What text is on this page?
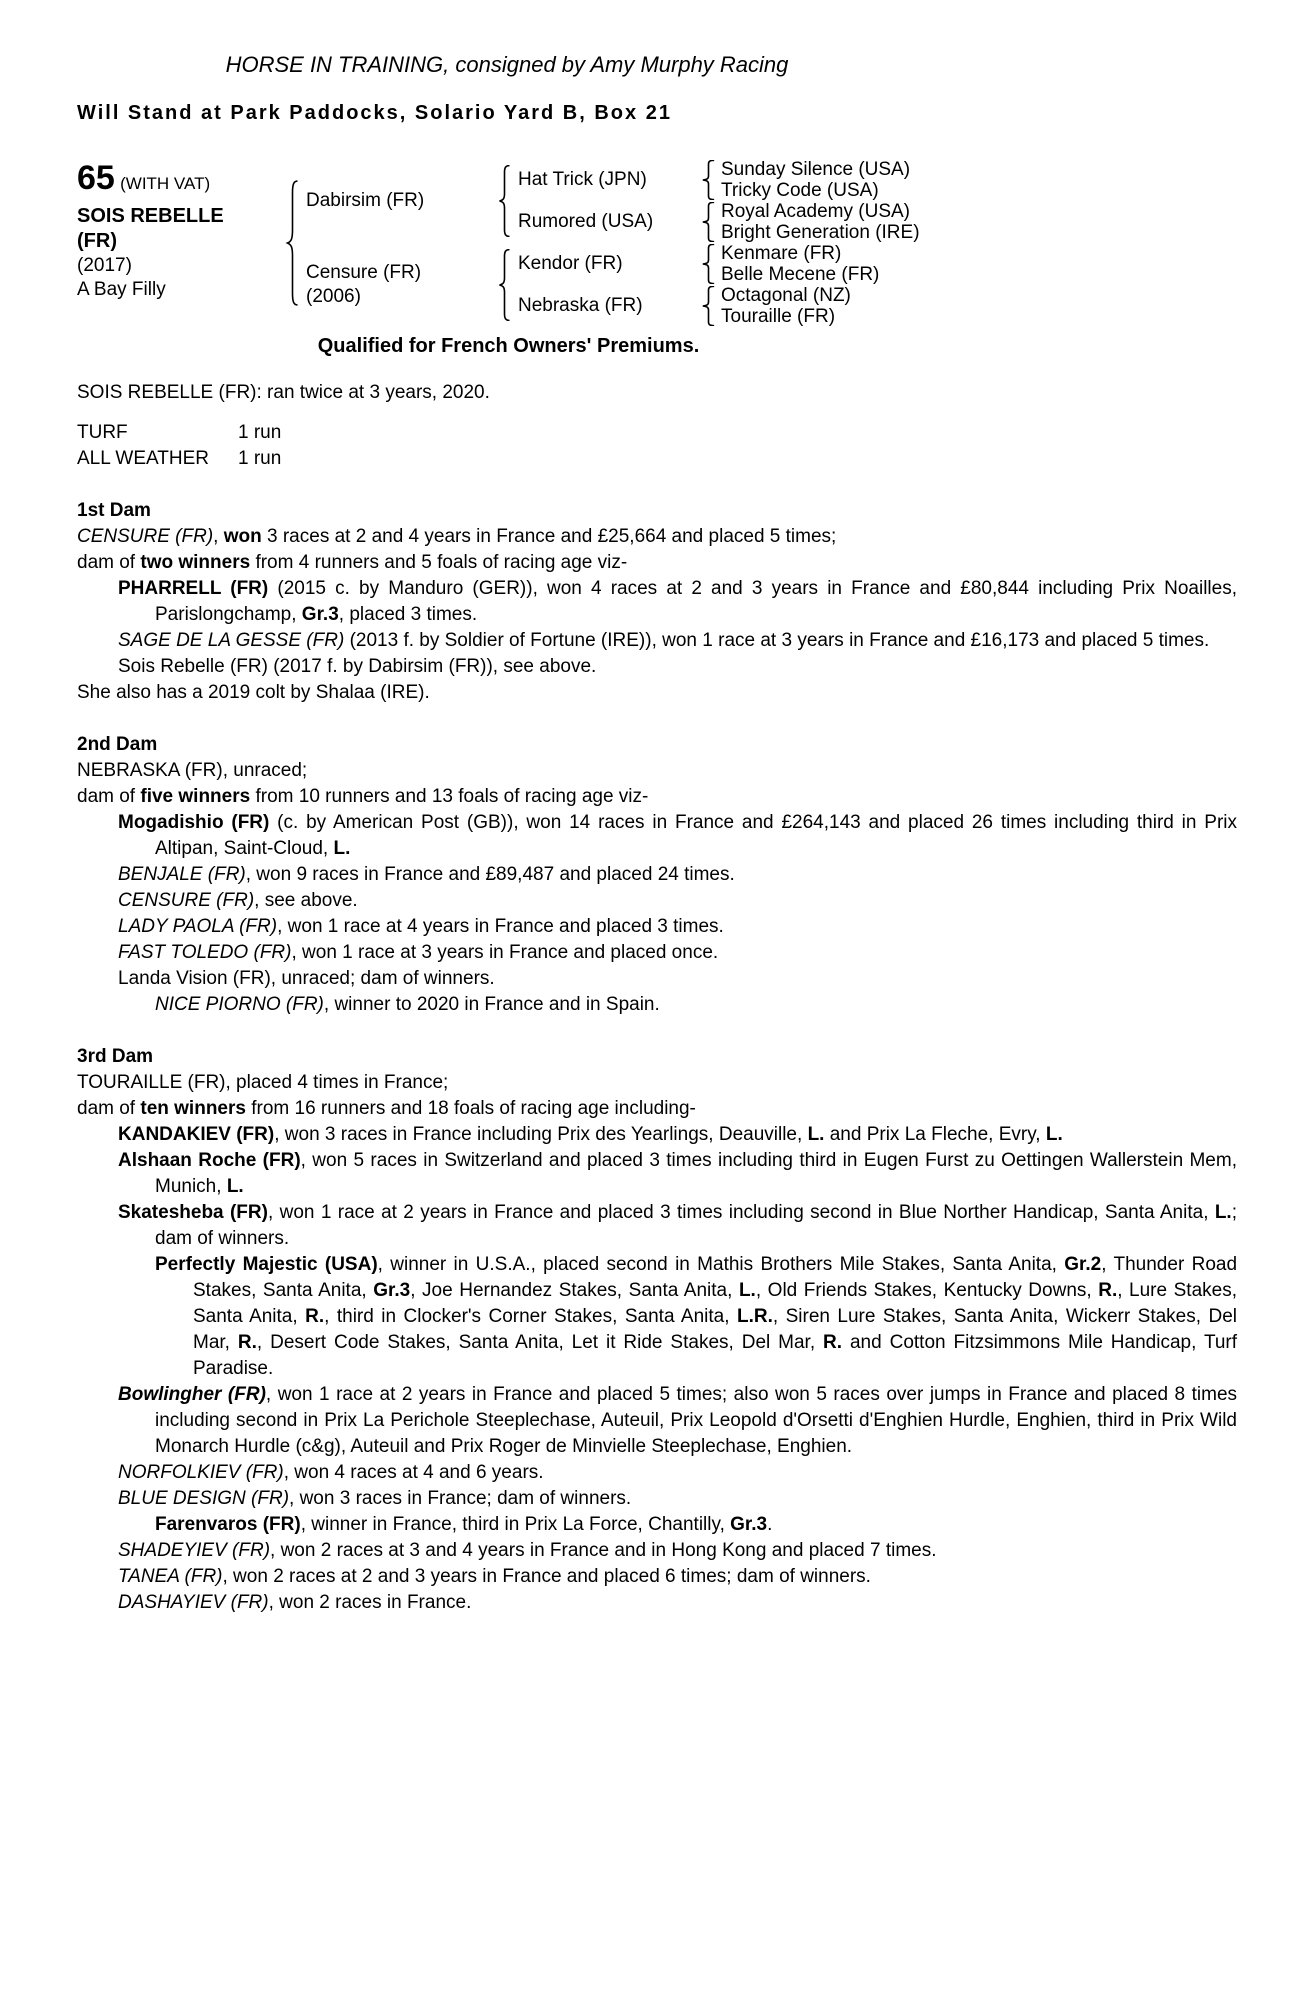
HORSE IN TRAINING, consigned by Amy Murphy Racing
Will Stand at Park Paddocks, Solario Yard B, Box 21
65 (WITH VAT)
SOIS REBELLE
(FR)
(2017)
A Bay Filly
Dabirsim (FR)
Censure (FR)
(2006)
Hat Trick (JPN)
Rumored (USA)
Kendor (FR)
Nebraska (FR)
Sunday Silence (USA)
Tricky Code (USA)
Royal Academy (USA)
Bright Generation (IRE)
Kenmare (FR)
Belle Mecene (FR)
Octagonal (NZ)
Touraille (FR)
Qualified for French Owners' Premiums.
SOIS REBELLE (FR): ran twice at 3 years, 2020.
TURF	1 run
ALL WEATHER 1 run
1st Dam
CENSURE (FR), won 3 races at 2 and 4 years in France and £25,664 and placed 5 times;
dam of two winners from 4 runners and 5 foals of racing age viz-
PHARRELL (FR) (2015 c. by Manduro (GER)), won 4 races at 2 and 3 years in France and £80,844 including Prix Noailles, Parislongchamp, Gr.3, placed 3 times.
SAGE DE LA GESSE (FR) (2013 f. by Soldier of Fortune (IRE)), won 1 race at 3 years in France and £16,173 and placed 5 times.
Sois Rebelle (FR) (2017 f. by Dabirsim (FR)), see above.
She also has a 2019 colt by Shalaa (IRE).
2nd Dam
NEBRASKA (FR), unraced;
dam of five winners from 10 runners and 13 foals of racing age viz-
Mogadishio (FR) (c. by American Post (GB)), won 14 races in France and £264,143 and placed 26 times including third in Prix Altipan, Saint-Cloud, L.
BENJALE (FR), won 9 races in France and £89,487 and placed 24 times.
CENSURE (FR), see above.
LADY PAOLA (FR), won 1 race at 4 years in France and placed 3 times.
FAST TOLEDO (FR), won 1 race at 3 years in France and placed once.
Landa Vision (FR), unraced; dam of winners.
NICE PIORNO (FR), winner to 2020 in France and in Spain.
3rd Dam
TOURAILLE (FR), placed 4 times in France;
dam of ten winners from 16 runners and 18 foals of racing age including-
KANDAKIEV (FR), won 3 races in France including Prix des Yearlings, Deauville, L. and Prix La Fleche, Evry, L.
Alshaan Roche (FR), won 5 races in Switzerland and placed 3 times including third in Eugen Furst zu Oettingen Wallerstein Mem, Munich, L.
Skatesheba (FR), won 1 race at 2 years in France and placed 3 times including second in Blue Norther Handicap, Santa Anita, L.; dam of winners.
Perfectly Majestic (USA), winner in U.S.A., placed second in Mathis Brothers Mile Stakes, Santa Anita, Gr.2, Thunder Road Stakes, Santa Anita, Gr.3, Joe Hernandez Stakes, Santa Anita, L., Old Friends Stakes, Kentucky Downs, R., Lure Stakes, Santa Anita, R., third in Clocker's Corner Stakes, Santa Anita, L.R., Siren Lure Stakes, Santa Anita, Wickerr Stakes, Del Mar, R., Desert Code Stakes, Santa Anita, Let it Ride Stakes, Del Mar, R. and Cotton Fitzsimmons Mile Handicap, Turf Paradise.
Bowlingher (FR), won 1 race at 2 years in France and placed 5 times; also won 5 races over jumps in France and placed 8 times including second in Prix La Perichole Steeplechase, Auteuil, Prix Leopold d'Orsetti d'Enghien Hurdle, Enghien, third in Prix Wild Monarch Hurdle (c&g), Auteuil and Prix Roger de Minvielle Steeplechase, Enghien.
NORFOLKIEV (FR), won 4 races at 4 and 6 years.
BLUE DESIGN (FR), won 3 races in France; dam of winners.
Farenvaros (FR), winner in France, third in Prix La Force, Chantilly, Gr.3.
SHADEYIEV (FR), won 2 races at 3 and 4 years in France and in Hong Kong and placed 7 times.
TANEA (FR), won 2 races at 2 and 3 years in France and placed 6 times; dam of winners.
DASHAYIEV (FR), won 2 races in France.
